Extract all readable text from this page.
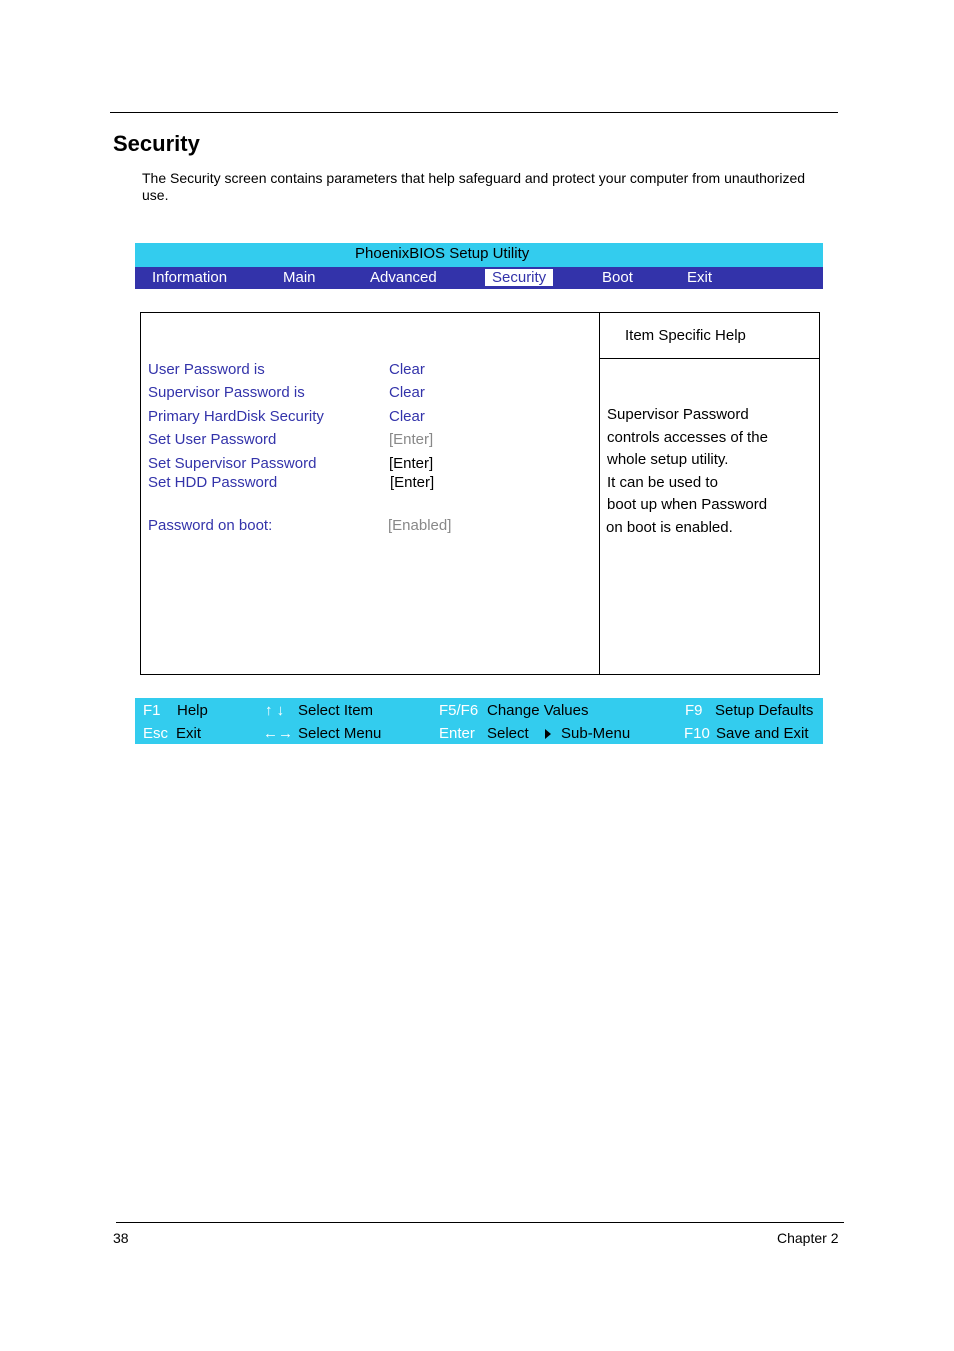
Security
The Security screen contains parameters that help safeguard and protect your computer from unauthorized use.
PhoenixBIOS Setup Utility
Information	Main	Advanced	Security	Boot	Exit
Item Specific Help
User Password is	Clear
Supervisor Password is	Clear
Primary HardDisk Security	Clear
Set User Password	[Enter]
Set Supervisor Password	[Enter]
Set HDD Password	[Enter]
Password on boot:	[Enabled]
Supervisor Password
controls accesses of the
whole setup utility.
It can be used to
boot up when Password
on boot is enabled.
F1 Help	↑ ↓ Select Item	F5/F6 Change Values	F9 Setup Defaults
Esc Exit	←→ Select Menu	Enter Select Sub-Menu	F10 Save and Exit
38	Chapter 2
